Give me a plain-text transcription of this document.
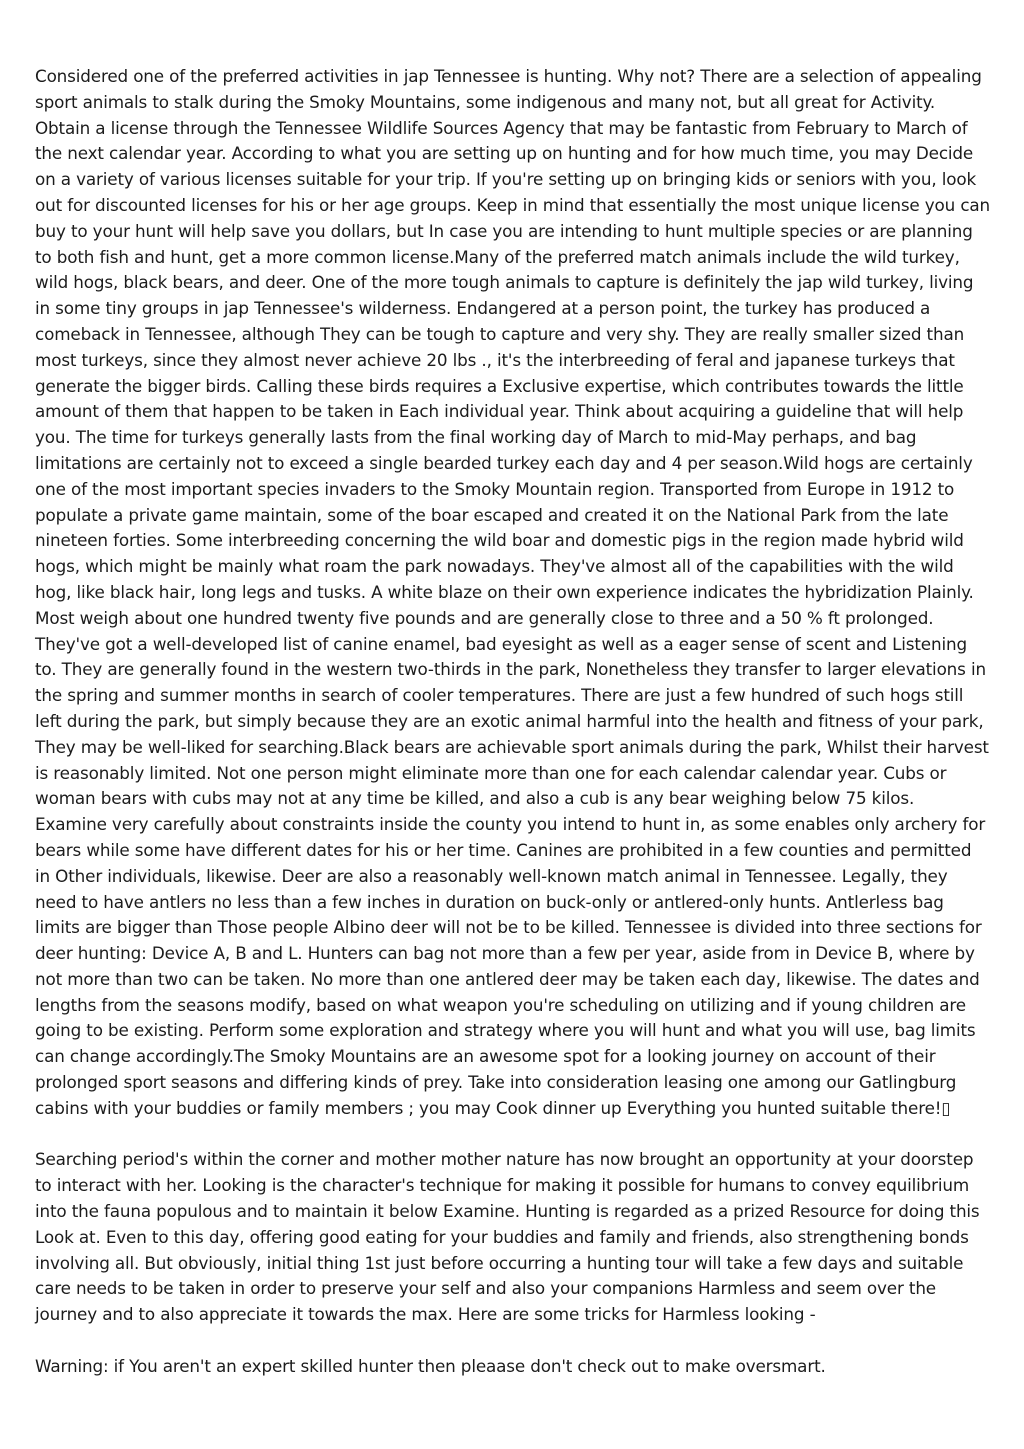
Considered one of the preferred activities in jap Tennessee is hunting. Why not? There are a selection of appealing sport animals to stalk during the Smoky Mountains, some indigenous and many not, but all great for Activity. Obtain a license through the Tennessee Wildlife Sources Agency that may be fantastic from February to March of the next calendar year. According to what you are setting up on hunting and for how much time, you may Decide on a variety of various licenses suitable for your trip. If you're setting up on bringing kids or seniors with you, look out for discounted licenses for his or her age groups. Keep in mind that essentially the most unique license you can buy to your hunt will help save you dollars, but In case you are intending to hunt multiple species or are planning to both fish and hunt, get a more common license.Many of the preferred match animals include the wild turkey, wild hogs, black bears, and deer. One of the more tough animals to capture is definitely the jap wild turkey, living in some tiny groups in jap Tennessee's wilderness. Endangered at a person point, the turkey has produced a comeback in Tennessee, although They can be tough to capture and very shy. They are really smaller sized than most turkeys, since they almost never achieve 20 lbs ., it's the interbreeding of feral and japanese turkeys that generate the bigger birds. Calling these birds requires a Exclusive expertise, which contributes towards the little amount of them that happen to be taken in Each individual year. Think about acquiring a guideline that will help you. The time for turkeys generally lasts from the final working day of March to mid-May perhaps, and bag limitations are certainly not to exceed a single bearded turkey each day and 4 per season.Wild hogs are certainly one of the most important species invaders to the Smoky Mountain region. Transported from Europe in 1912 to populate a private game maintain, some of the boar escaped and created it on the National Park from the late nineteen forties. Some interbreeding concerning the wild boar and domestic pigs in the region made hybrid wild hogs, which might be mainly what roam the park nowadays. They've almost all of the capabilities with the wild hog, like black hair, long legs and tusks. A white blaze on their own experience indicates the hybridization Plainly. Most weigh about one hundred twenty five pounds and are generally close to three and a 50 % ft prolonged. They've got a well-developed list of canine enamel, bad eyesight as well as a eager sense of scent and Listening to. They are generally found in the western two-thirds in the park, Nonetheless they transfer to larger elevations in the spring and summer months in search of cooler temperatures. There are just a few hundred of such hogs still left during the park, but simply because they are an exotic animal harmful into the health and fitness of your park, They may be well-liked for searching.Black bears are achievable sport animals during the park, Whilst their harvest is reasonably limited. Not one person might eliminate more than one for each calendar calendar year. Cubs or woman bears with cubs may not at any time be killed, and also a cub is any bear weighing below 75 kilos. Examine very carefully about constraints inside the county you intend to hunt in, as some enables only archery for bears while some have different dates for his or her time. Canines are prohibited in a few counties and permitted in Other individuals, likewise. Deer are also a reasonably well-known match animal in Tennessee. Legally, they need to have antlers no less than a few inches in duration on buck-only or antlered-only hunts. Antlerless bag limits are bigger than Those people Albino deer will not be to be killed. Tennessee is divided into three sections for deer hunting: Device A, B and L. Hunters can bag not more than a few per year, aside from in Device B, where by not more than two can be taken. No more than one antlered deer may be taken each day, likewise. The dates and lengths from the seasons modify, based on what weapon you're scheduling on utilizing and if young children are going to be existing. Perform some exploration and strategy where you will hunt and what you will use, bag limits can change accordingly.The Smoky Mountains are an awesome spot for a looking journey on account of their prolonged sport seasons and differing kinds of prey. Take into consideration leasing one among our Gatlingburg cabins with your buddies or family members ; you may Cook dinner up Everything you hunted suitable there!▯

Searching period's within the corner and mother mother nature has now brought an opportunity at your doorstep to interact with her. Looking is the character's technique for making it possible for humans to convey equilibrium into the fauna populous and to maintain it below Examine. Hunting is regarded as a prized Resource for doing this Look at. Even to this day, offering good eating for your buddies and family and friends, also strengthening bonds involving all. But obviously, initial thing 1st just before occurring a hunting tour will take a few days and suitable care needs to be taken in order to preserve your self and also your companions Harmless and seem over the journey and to also appreciate it towards the max. Here are some tricks for Harmless looking -

Warning: if You aren't an expert skilled hunter then pleaase don't check out to make oversmart.
